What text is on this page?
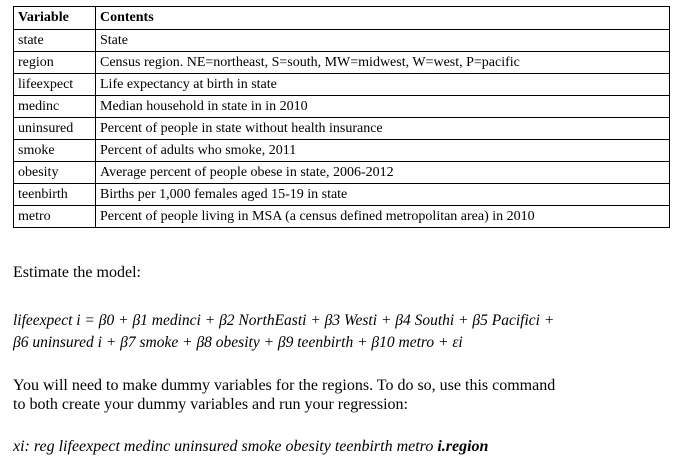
Variable	Contents
state	State
region	Census region. NE=northeast, S=south, MW=midwest, W=west, P=pacific
lifeexpect	Life expectancy at birth in state
medinc	Median household in state in in 2010
uninsured	Percent of people in state without health insurance
smoke	Percent of adults who smoke, 2011
obesity	Average percent of people obese in state, 2006-2012
teenbirth	Births per 1,000 females aged 15-19 in state
metro	Percent of people living in MSA (a census defined metropolitan area) in 2010

Estimate the model:

lifeexpect i = β0 + β1 medinci + β2 NorthEasti + β3 Westi + β4 Southi + β5 Pacifici +

β6 uninsured i + β7 smoke + β8 obesity + β9 teenbirth + β10 metro + εi

You will need to make dummy variables for the regions. To do so, use this command

to both create your dummy variables and run your regression:

xi: reg lifeexpect medinc uninsured smoke obesity teenbirth metro i.region
